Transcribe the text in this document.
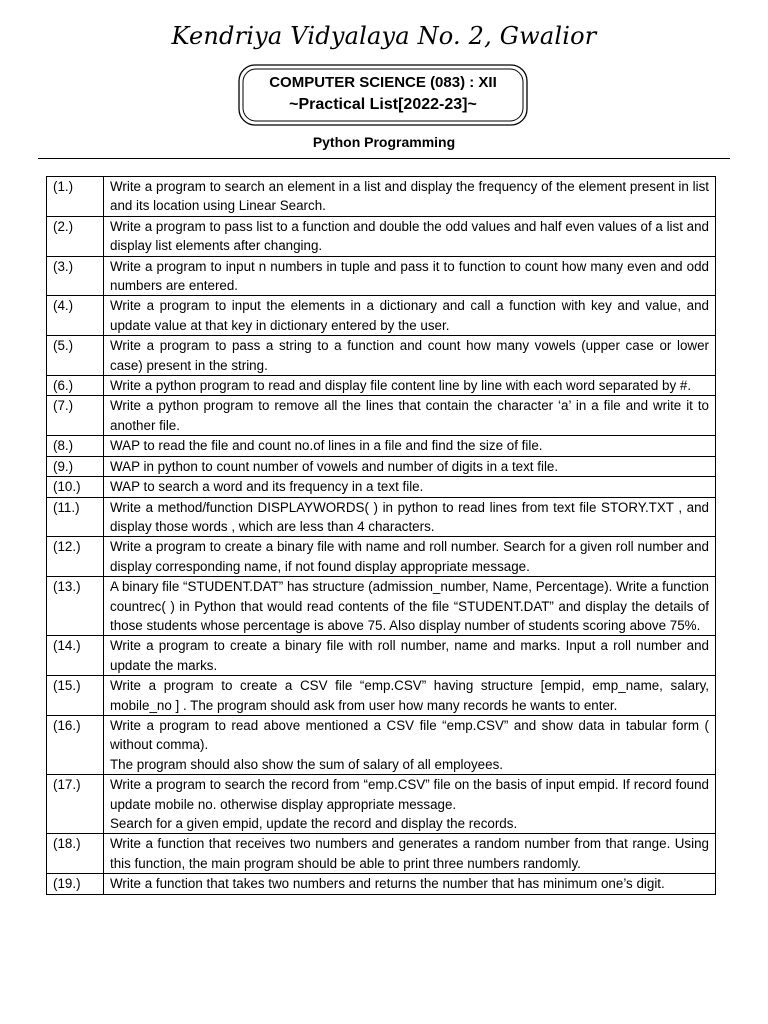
Kendriya Vidyalaya No. 2, Gwalior
COMPUTER SCIENCE (083) : XII
~Practical List[2022-23]~
Python Programming
(1.)	Write a program to search an element in a list and display the frequency of the element present in list and its location using Linear Search.

(2.)	Write a program to pass list to a function and double the odd values and half even values of a list and display list elements after changing.

(3.)	Write a program to input n numbers in tuple and pass it to function to count how many even and odd numbers are entered.

(4.)	Write a program to input the elements in a dictionary and call a function with key and value, and update value at that key in dictionary entered by the user.

(5.)	Write a program to pass a string to a function and count how many vowels (upper case or lower case) present in the string.

(6.)	Write a python program to read and display file content line by line with each word separated by #.

(7.)	Write a python program to remove all the lines that contain the character ‘a’ in a file and write it to another file.

(8.)	WAP to read the file and count no.of lines in a file and find the size of file.

(9.)	WAP in python to count number of vowels and number of digits in a text file.

(10.)	WAP to search a word and its frequency in a text file.

(11.)	Write a method/function DISPLAYWORDS( ) in python to read lines from text file STORY.TXT , and display those words , which are less than 4 characters.

(12.)	Write a program to create a binary file with name and roll number. Search for a given roll number and display corresponding name, if not found display appropriate message.

(13.)	A binary file “STUDENT.DAT” has structure (admission_number, Name, Percentage). Write a function countrec( ) in Python that would read contents of the file “STUDENT.DAT” and display the details of those students whose percentage is above 75. Also display number of students scoring above 75%.

(14.)	Write a program to create a binary file with roll number, name and marks. Input a roll number and update the marks.

(15.)	Write a program to create a CSV file “emp.CSV” having structure [empid, emp_name, salary, mobile_no ] . The program should ask from user how many records he wants to enter.

(16.)	Write a program to read above mentioned a CSV file “emp.CSV” and show data in tabular form ( without comma).
The program should also show the sum of salary of all employees.

(17.)	Write a program to search the record from “emp.CSV” file on the basis of input empid. If record found update mobile no. otherwise display appropriate message.
Search for a given empid, update the record and display the records.

(18.)	Write a function that receives two numbers and generates a random number from that range. Using this function, the main program should be able to print three numbers randomly.

(19.)	Write a function that takes two numbers and returns the number that has minimum one’s digit.
